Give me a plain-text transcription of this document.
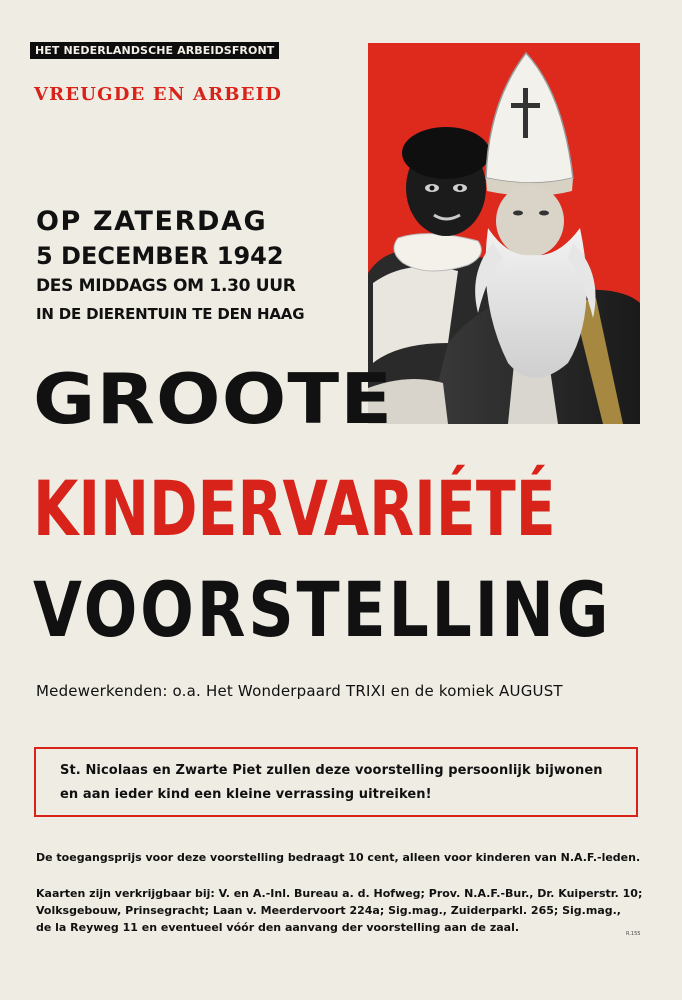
HET NEDERLANDSCHE ARBEIDSFRONT
VREUGDE EN ARBEID
OP ZATERDAG
5 DECEMBER 1942
DES MIDDAGS OM 1.30 UUR
IN DE DIERENTUIN TE DEN HAAG
GROOTE
KINDERVARIÉTÉ
VOORSTELLING
Medewerkenden: o.a. Het Wonderpaard TRIXI en de komiek AUGUST
St. Nicolaas en Zwarte Piet zullen deze voorstelling persoonlijk bijwonen
en aan ieder kind een kleine verrassing uitreiken!
De toegangsprijs voor deze voorstelling bedraagt 10 cent, alleen voor kinderen van N.A.F.-leden.
Kaarten zijn verkrijgbaar bij: V. en A.-Inl. Bureau a. d. Hofweg; Prov. N.A.F.-Bur., Dr. Kuiperstr. 10;
Volksgebouw, Prinsegracht; Laan v. Meerdervoort 224a; Sig.mag., Zuiderparkl. 265; Sig.mag.,
de la Reyweg 11 en eventueel vóór den aanvang der voorstelling aan de zaal.	R.155
